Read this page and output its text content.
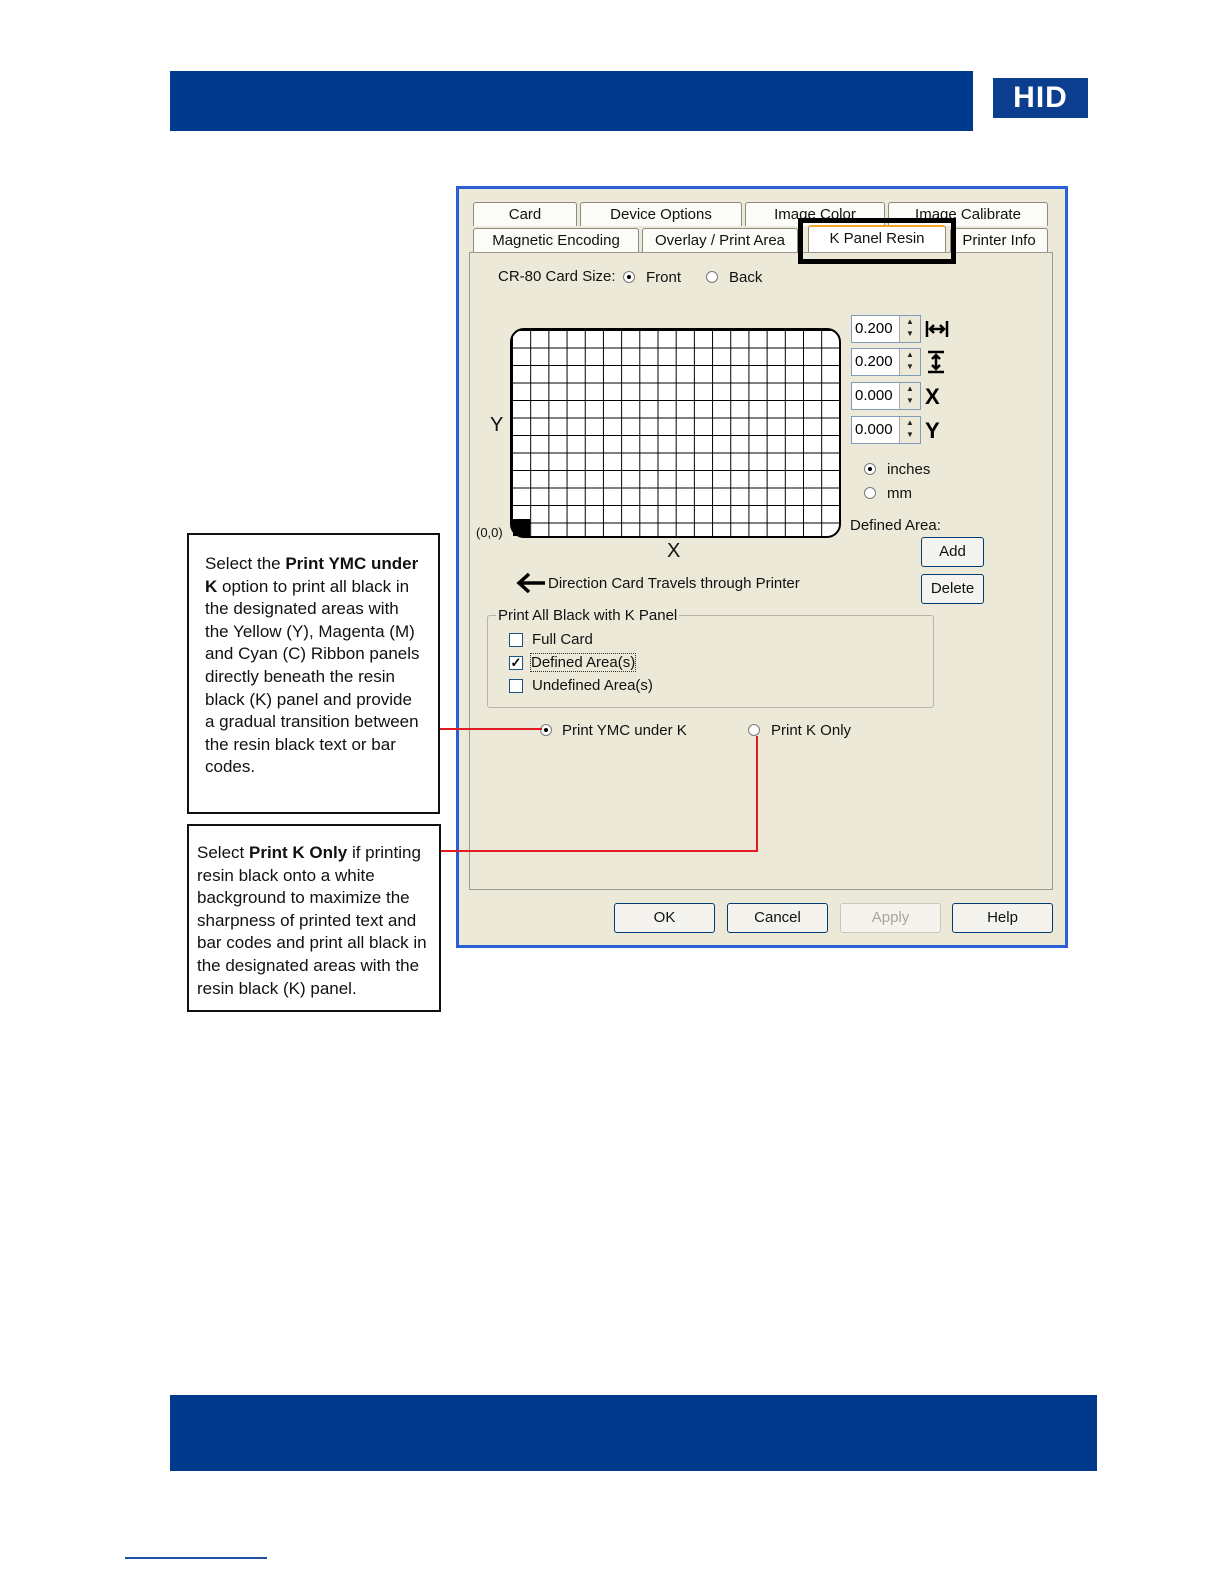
HID
Card	Device Options	Image Color	Image Calibrate
Magnetic Encoding	Overlay / Print Area	K Panel Resin	Printer Info
CR-80 Card Size: Front	Back
Y
(0,0)
X
Direction Card Travels through Printer
0.200	▲
▼
0.200	▲
▼
0.000	▲
▼ X
0.000	▲
▼ Y
inches
mm
Defined Area:
Add
Delete
Print All Black with K Panel
Full Card
✓ Defined Area(s)
Undefined Area(s)
Print YMC under K	Print K Only
OK	Cancel	Apply	Help
Select the Print YMC under K option to print all black in the designated areas with the Yellow (Y), Magenta (M) and Cyan (C) Ribbon panels directly beneath the resin black (K) panel and provide a gradual transition between the resin black text or bar codes.
Select Print K Only if printing resin black onto a white background to maximize the sharpness of printed text and bar codes and print all black in the designated areas with the resin black (K) panel.
